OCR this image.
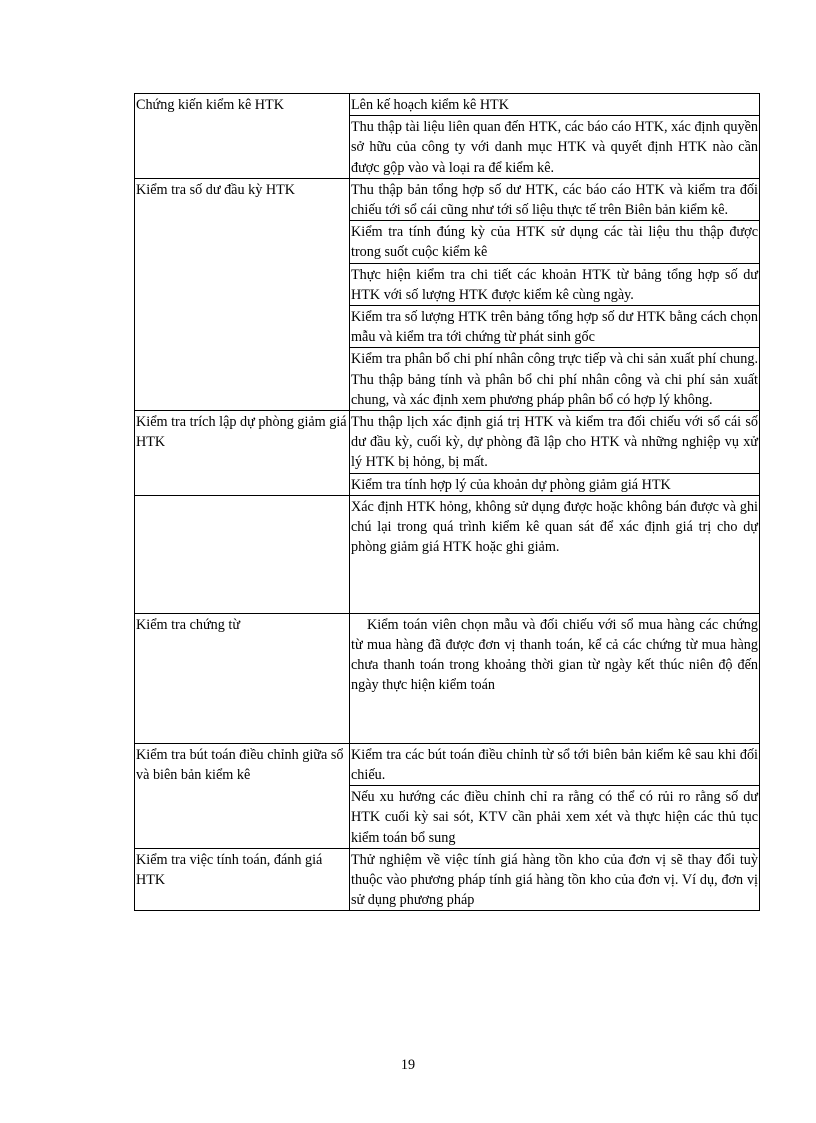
Chứng kiến kiểm kê HTK	Lên kế hoạch kiểm kê HTK
	Thu thập tài liệu liên quan đến HTK, các báo cáo HTK, xác định quyền sở hữu của công ty với danh mục HTK và quyết định HTK nào cần được gộp vào và loại ra để kiểm kê.
Kiểm tra số dư đầu kỳ HTK	Thu thập bản tổng hợp số dư HTK, các báo cáo HTK và kiểm tra đối chiếu tới sổ cái cũng như tới số liệu thực tế trên Biên bản kiểm kê.
	Kiểm tra tính đúng kỳ của HTK sử dụng các tài liệu thu thập được trong suốt cuộc kiểm kê
	Thực hiện kiểm tra chi tiết các khoản HTK từ bảng tổng hợp số dư HTK với số lượng HTK được kiểm kê cùng ngày.
	Kiểm tra số lượng HTK trên bảng tổng hợp số dư HTK bằng cách chọn mẫu và kiểm tra tới chứng từ phát sinh gốc
	Kiểm tra phân bổ chi phí nhân công trực tiếp và chi sản xuất phí chung. Thu thập bảng tính và phân bổ chi phí nhân công và chi phí sản xuất chung, và xác định xem phương pháp phân bổ có hợp lý không.
Kiểm tra trích lập dự phòng giảm giá HTK	Thu thập lịch xác định giá trị HTK và kiểm tra đối chiếu với sổ cái số dư đầu kỳ, cuối kỳ, dự phòng đã lập cho HTK và những nghiệp vụ xử lý HTK bị hỏng, bị mất.
	Kiểm tra tính hợp lý của khoản dự phòng giảm giá HTK
	Xác định HTK hỏng, không sử dụng được hoặc không bán được và ghi chú lại trong quá trình kiểm kê quan sát để xác định giá trị cho dự phòng giảm giá HTK hoặc ghi giảm.
Kiểm tra chứng từ	Kiểm toán viên chọn mẫu và đối chiếu với sổ mua hàng các chứng từ mua hàng đã được đơn vị thanh toán, kể cả các chứng từ mua hàng chưa thanh toán trong khoảng thời gian từ ngày kết thúc niên độ đến ngày thực hiện kiểm toán
Kiểm tra bút toán điều chỉnh giữa sổ và biên bản kiểm kê	Kiểm tra các bút toán điều chỉnh từ sổ tới biên bản kiểm kê sau khi đối chiếu.
	Nếu xu hướng các điều chỉnh chỉ ra rằng có thể có rủi ro rằng số dư HTK cuối kỳ sai sót, KTV cần phải xem xét và thực hiện các thủ tục kiểm toán bổ sung
Kiểm tra việc tính toán, đánh giá HTK	Thử nghiệm về việc tính giá hàng tồn kho của đơn vị sẽ thay đổi tuỳ thuộc vào phương pháp tính giá hàng tồn kho của đơn vị. Ví dụ, đơn vị sử dụng phương pháp
19
